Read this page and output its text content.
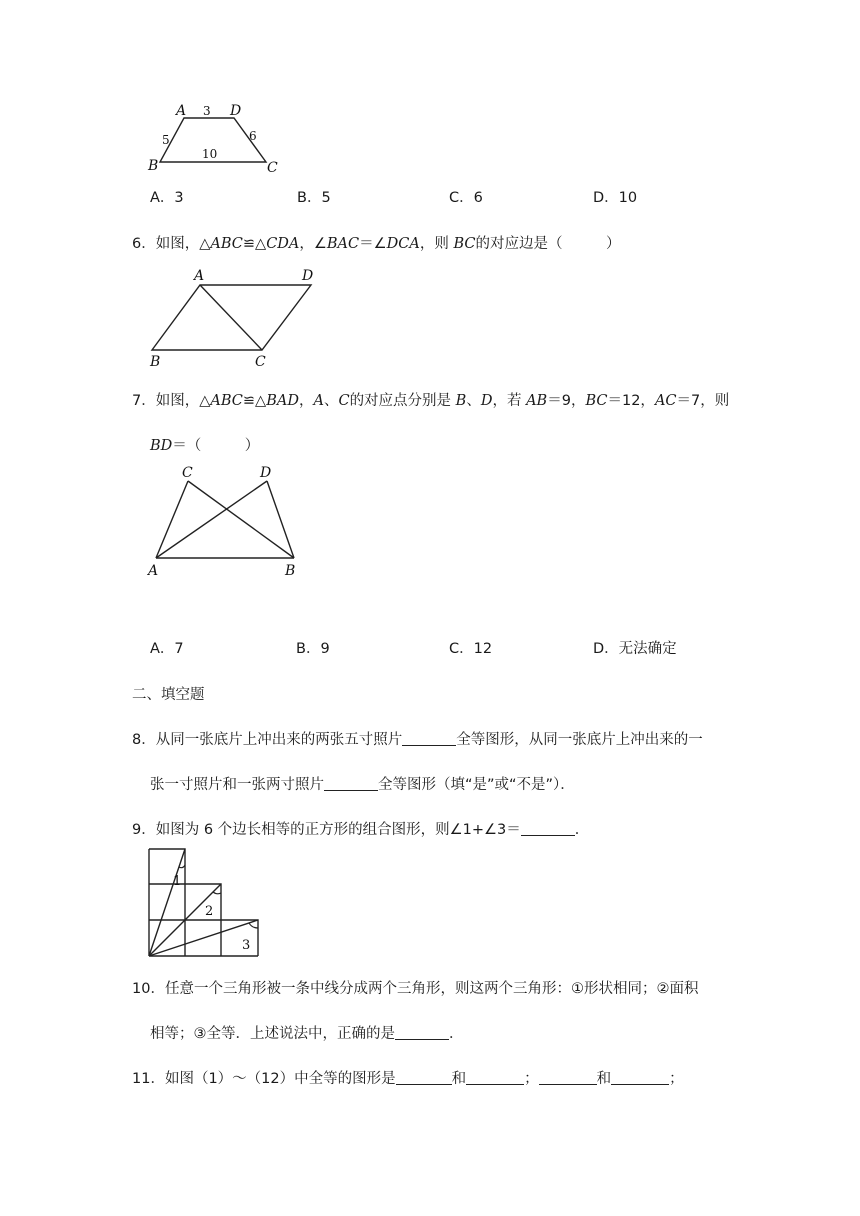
A	D
B	C
3
5	6
10
A．3	B．5	C．6	D．10
6．如图，△ABC≌△CDA，∠BAC＝∠DCA，则 BC的对应边是（　　　）
A	D
B	C
7．如图，△ABC≌△BAD，A、C的对应点分别是 B、D，若 AB＝9，BC＝12，AC＝7，则
BD＝（　　　）
C	D
A	B
A．7	B．9	C．12	D．无法确定
二、填空题
8．从同一张底片上冲出来的两张五寸照片	全等图形，从同一张底片上冲出来的一
张一寸照片和一张两寸照片	全等图形（填“是”或“不是”）．
9．如图为 6 个边长相等的正方形的组合图形，则∠1+∠3＝	．
1
2
3
10．任意一个三角形被一条中线分成两个三角形，则这两个三角形：①形状相同；②面积
相等；③全等．上述说法中，正确的是	．
11．如图（1）～（12）中全等的图形是	和	；	和	；
